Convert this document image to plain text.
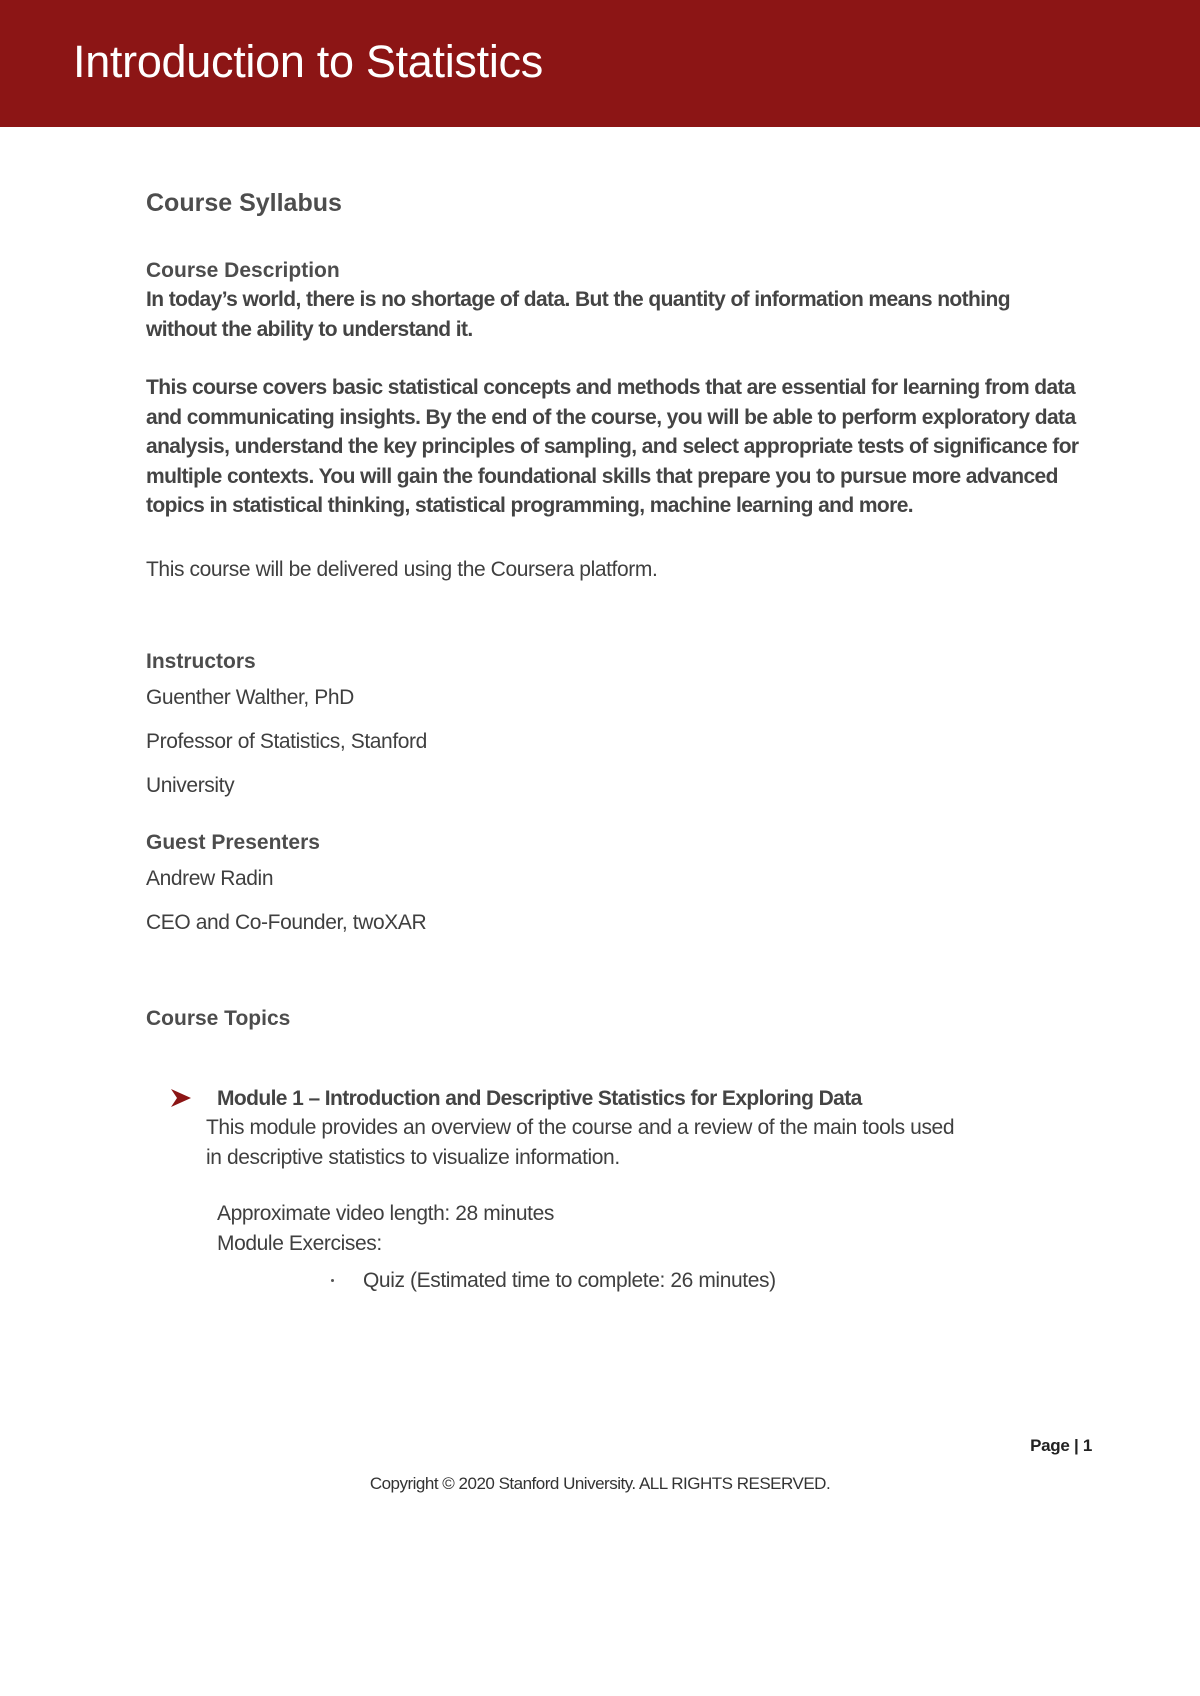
Introduction to Statistics
Course Syllabus
Course Description

In today’s world, there is no shortage of data. But the quantity of information means nothing without the ability to understand it.

This course covers basic statistical concepts and methods that are essential for learning from data and communicating insights. By the end of the course, you will be able to perform exploratory data analysis, understand the key principles of sampling, and select appropriate tests of significance for multiple contexts. You will gain the foundational skills that prepare you to pursue more advanced topics in statistical thinking, statistical programming, machine learning and more.

This course will be delivered using the Coursera platform.

Instructors

Guenther Walther, PhD

Professor of Statistics, Stanford

University

Guest Presenters

Andrew Radin

CEO and Co-Founder, twoXAR

Course Topics

Module 1 – Introduction and Descriptive Statistics for Exploring Data

This module provides an overview of the course and a review of the main tools used in descriptive statistics to visualize information.

Approximate video length: 28 minutes

Module Exercises:

Quiz (Estimated time to complete: 26 minutes)
Page | 1
Copyright © 2020 Stanford University. ALL RIGHTS RESERVED.
